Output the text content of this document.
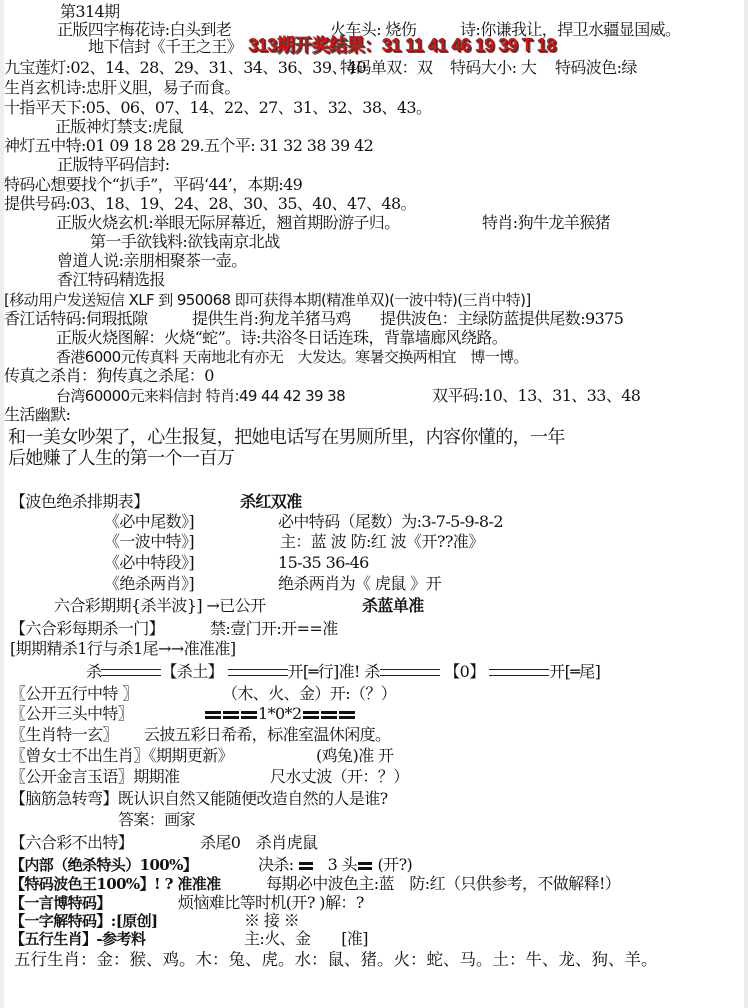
第314期
正版四字梅花诗:白头到老	火车头: 烧伤	诗:你谦我让，捍卫水疆显国威。
地下信封《千王之王》 313期开奖结果：31 11 41 46 19 39 T 18
九宝莲灯:02、14、28、29、31、34、36、39、40
特码单双：双 特码大小: 大 特码波色:绿
生肖玄机诗:忠肝义胆，易子而食。
十指平天下:05、06、07、14、22、27、31、32、38、43。
正版神灯禁支:虎鼠
神灯五中特:01 09 18 28 29.五个平: 31 32 38 39 42
正版特平码信封:
特码心想要找个“扒手”，平码‘44’，本期:49
提供号码:03、18、19、24、28、30、35、40、47、48。
正版火烧玄机:举眼无际屏幕近，翘首期盼游子归。	特肖:狗牛龙羊猴猪
第一手欲钱料:欲钱南京北战
曾道人说:亲朋相聚茶一壶。
香江特码精选报
[移动用户发送短信 XLF 到 950068 即可获得本期(精准单双)(一波中特)(三肖中特)]
香江话特码:伺瑕抵隙	提供生肖:狗龙羊猪马鸡 提供波色：主绿防蓝提供尾数:9375
正版火烧图解：火烧“蛇”。诗:共浴冬日话连珠，背靠墙廊风绕路。
香港6000元传真料 天南地北有亦无　大发达。寒暑交换两相宜　博一博。
传真之杀肖：狗传真之杀尾：0
台湾60000元来料信封 特肖:49 44 42 39 38	双平码:10、13、31、33、48
生活幽默:
和一美女吵架了，心生报复，把她电话写在男厕所里，内容你懂的，一年
后她赚了人生的第一个一百万
【波色绝杀排期表】	杀红双准
《必中尾数》]	必中特码（尾数）为:3-7-5-9-8-2
《一波中特》]	主：蓝 波 防:红 波《开??准》
《必中特段》]	15-35 36-46
《绝杀两肖》]	绝杀两肖为《 虎鼠 》开
六合彩期期{杀半波}] →已公开	杀蓝单准
【六合彩每期杀一门】	禁:壹门开:开==准
[期期精杀1行与杀1尾→→准准准]
杀	【杀土】	开[═行]准! 杀	【0】	开[═尾]
〖公开五行中特 〗	（木、火、金）开:（？）
〖公开三头中特〗	1*0*2
〖生肖特一玄〗 云披五彩日希希，标准室温休闲度。
〖曾女士不出生肖〗《期期更新》	(鸡兔)准 开
〖公开金言玉语〗期期准	尺水丈波（开：？）
【脑筋急转弯】既认识自然又能随便改造自然的人是谁?
答案：画家
【六合彩不出特】	杀尾0　杀肖虎鼠
【内部（绝杀特头）100%】	决杀: 3 头 (开?)
【特码波色王100%】! ? 准准准	每期必中波色主:蓝　防:红（只供参考，不做解释!）
【一言博特码】	烦恼难比等时机(开? )解：?
【一字解特码】:[原创]	※ 接 ※
【五行生肖】-参考料	主:火、金　　[准]
五行生肖：金：猴、鸡。木：兔、虎。水：鼠、猪。火：蛇、马。土：牛、龙、狗、羊。
